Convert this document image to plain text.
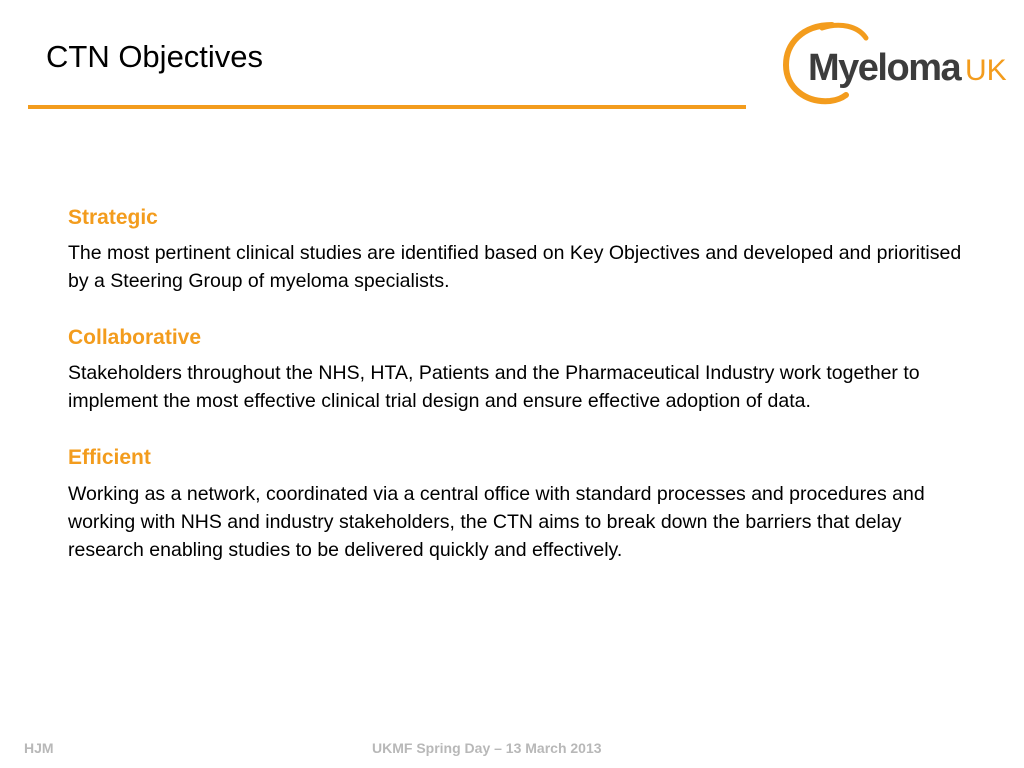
CTN Objectives	Myeloma UK
Strategic

The most pertinent clinical studies are identified based on Key Objectives and developed and prioritised by a Steering Group of myeloma specialists.

Collaborative

Stakeholders throughout the NHS, HTA, Patients and the Pharmaceutical Industry work together to implement the most effective clinical trial design and ensure effective adoption of data.

Efficient

Working as a network, coordinated via a central office with standard processes and procedures and working with NHS and industry stakeholders, the CTN aims to break down the barriers that delay research enabling studies to be delivered quickly and effectively.

HJM	UKMF Spring Day – 13 March 2013
